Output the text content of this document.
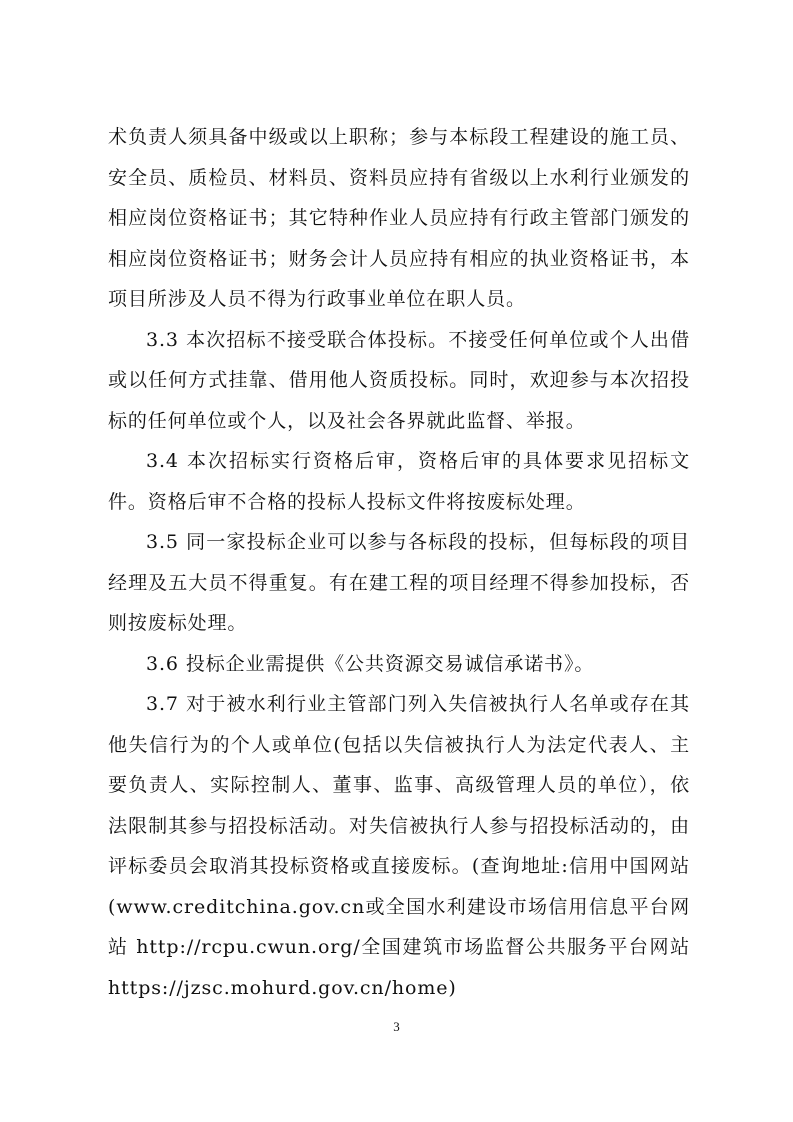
术负责人须具备中级或以上职称；参与本标段工程建设的施工员、安全员、质检员、材料员、资料员应持有省级以上水利行业颁发的相应岗位资格证书；其它特种作业人员应持有行政主管部门颁发的相应岗位资格证书；财务会计人员应持有相应的执业资格证书，本项目所涉及人员不得为行政事业单位在职人员。

3.3 本次招标不接受联合体投标。不接受任何单位或个人出借或以任何方式挂靠、借用他人资质投标。同时，欢迎参与本次招投标的任何单位或个人，以及社会各界就此监督、举报。

3.4 本次招标实行资格后审，资格后审的具体要求见招标文件。资格后审不合格的投标人投标文件将按废标处理。

3.5 同一家投标企业可以参与各标段的投标，但每标段的项目经理及五大员不得重复。有在建工程的项目经理不得参加投标，否则按废标处理。

3.6 投标企业需提供《公共资源交易诚信承诺书》。

3.7 对于被水利行业主管部门列入失信被执行人名单或存在其他失信行为的个人或单位(包括以失信被执行人为法定代表人、主要负责人、实际控制人、董事、监事、高级管理人员的单位），依法限制其参与招投标活动。对失信被执行人参与招投标活动的，由评标委员会取消其投标资格或直接废标。(查询地址:信用中国网站(www.creditchina.gov.cn或全国水利建设市场信用信息平台网站 http://rcpu.cwun.org/全国建筑市场监督公共服务平台网站 https://jzsc.mohurd.gov.cn/home)

3
